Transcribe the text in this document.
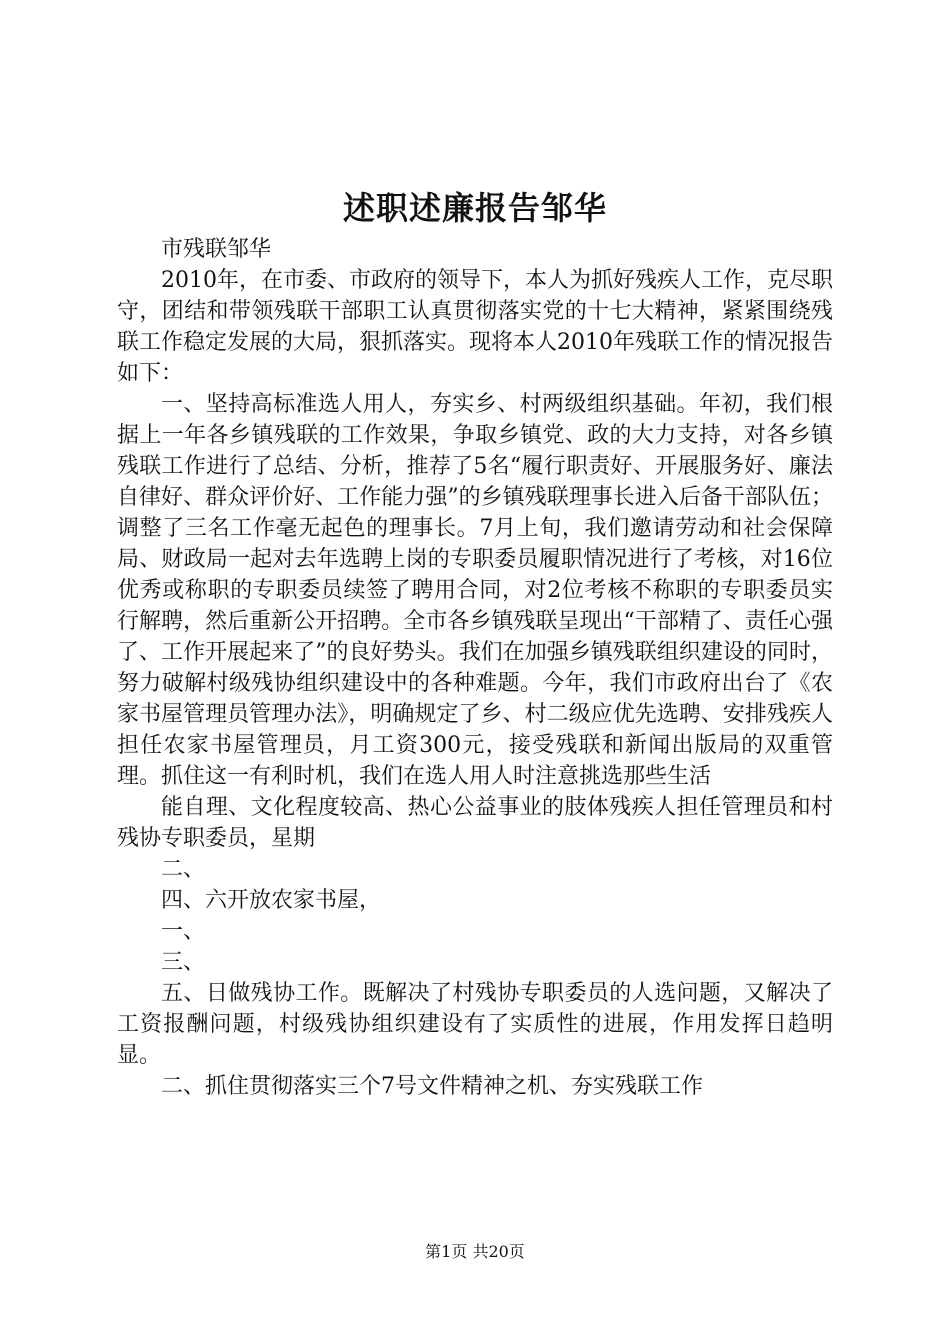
述职述廉报告邹华

市残联邹华

2010年，在市委、市政府的领导下，本人为抓好残疾人工作，克尽职守，团结和带领残联干部职工认真贯彻落实党的十七大精神，紧紧围绕残联工作稳定发展的大局，狠抓落实。现将本人2010年残联工作的情况报告如下：

一、坚持高标准选人用人，夯实乡、村两级组织基础。年初，我们根据上一年各乡镇残联的工作效果，争取乡镇党、政的大力支持，对各乡镇残联工作进行了总结、分析，推荐了5名“履行职责好、开展服务好、廉法自律好、群众评价好、工作能力强”的乡镇残联理事长进入后备干部队伍；调整了三名工作毫无起色的理事长。7月上旬，我们邀请劳动和社会保障局、财政局一起对去年选聘上岗的专职委员履职情况进行了考核，对16位优秀或称职的专职委员续签了聘用合同，对2位考核不称职的专职委员实行解聘，然后重新公开招聘。全市各乡镇残联呈现出“干部精了、责任心强了、工作开展起来了”的良好势头。我们在加强乡镇残联组织建设的同时，努力破解村级残协组织建设中的各种难题。今年，我们市政府出台了《农家书屋管理员管理办法》，明确规定了乡、村二级应优先选聘、安排残疾人担任农家书屋管理员，月工资300元，接受残联和新闻出版局的双重管理。抓住这一有利时机，我们在选人用人时注意挑选那些生活

能自理、文化程度较高、热心公益事业的肢体残疾人担任管理员和村残协专职委员，星期

二、

四、六开放农家书屋，

一、

三、

五、日做残协工作。既解决了村残协专职委员的人选问题，又解决了工资报酬问题，村级残协组织建设有了实质性的进展，作用发挥日趋明显。

二、抓住贯彻落实三个7号文件精神之机、夯实残联工作

第1页 共20页
